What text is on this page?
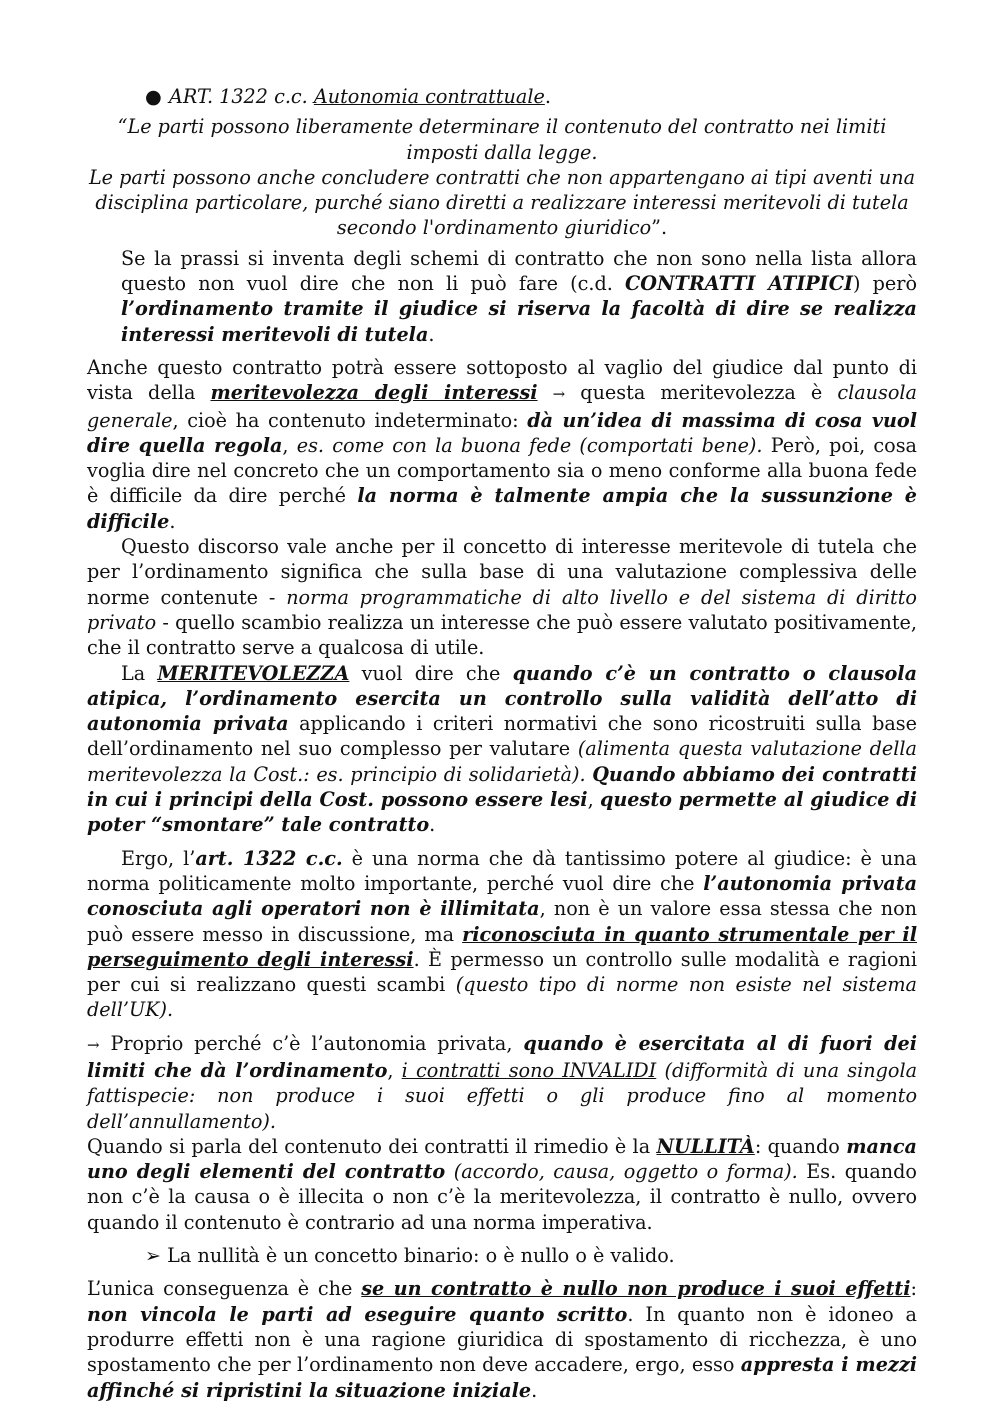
● ART. 1322 c.c. Autonomia contrattuale.

“Le parti possono liberamente determinare il contenuto del contratto nei limiti imposti dalla legge.

Le parti possono anche concludere contratti che non appartengano ai tipi aventi una disciplina particolare, purché siano diretti a realizzare interessi meritevoli di tutela secondo l'ordinamento giuridico”.

Se la prassi si inventa degli schemi di contratto che non sono nella lista allora questo non vuol dire che non li può fare (c.d. CONTRATTI ATIPICI) però l’ordinamento tramite il giudice si riserva la facoltà di dire se realizza interessi meritevoli di tutela.

Anche questo contratto potrà essere sottoposto al vaglio del giudice dal punto di vista della meritevolezza degli interessi → questa meritevolezza è clausola generale, cioè ha contenuto indeterminato: dà un’idea di massima di cosa vuol dire quella regola, es. come con la buona fede (comportati bene). Però, poi, cosa voglia dire nel concreto che un comportamento sia o meno conforme alla buona fede è difficile da dire perché la norma è talmente ampia che la sussunzione è difficile.

Questo discorso vale anche per il concetto di interesse meritevole di tutela che per l’ordinamento significa che sulla base di una valutazione complessiva delle norme contenute - norma programmatiche di alto livello e del sistema di diritto privato - quello scambio realizza un interesse che può essere valutato positivamente, che il contratto serve a qualcosa di utile.

La MERITEVOLEZZA vuol dire che quando c’è un contratto o clausola atipica, l’ordinamento esercita un controllo sulla validità dell’atto di autonomia privata applicando i criteri normativi che sono ricostruiti sulla base dell’ordinamento nel suo complesso per valutare (alimenta questa valutazione della meritevolezza la Cost.: es. principio di solidarietà). Quando abbiamo dei contratti in cui i principi della Cost. possono essere lesi, questo permette al giudice di poter “smontare” tale contratto.

Ergo, l’art. 1322 c.c. è una norma che dà tantissimo potere al giudice: è una norma politicamente molto importante, perché vuol dire che l’autonomia privata conosciuta agli operatori non è illimitata, non è un valore essa stessa che non può essere messo in discussione, ma riconosciuta in quanto strumentale per il perseguimento degli interessi. È permesso un controllo sulle modalità e ragioni per cui si realizzano questi scambi (questo tipo di norme non esiste nel sistema dell’UK).

→ Proprio perché c’è l’autonomia privata, quando è esercitata al di fuori dei limiti che dà l’ordinamento, i contratti sono INVALIDI (difformità di una singola fattispecie: non produce i suoi effetti o gli produce fino al momento dell’annullamento).

Quando si parla del contenuto dei contratti il rimedio è la NULLITÀ: quando manca uno degli elementi del contratto (accordo, causa, oggetto o forma). Es. quando non c’è la causa o è illecita o non c’è la meritevolezza, il contratto è nullo, ovvero quando il contenuto è contrario ad una norma imperativa.

➢ La nullità è un concetto binario: o è nullo o è valido.

L’unica conseguenza è che se un contratto è nullo non produce i suoi effetti: non vincola le parti ad eseguire quanto scritto. In quanto non è idoneo a produrre effetti non è una ragione giuridica di spostamento di ricchezza, è uno spostamento che per l’ordinamento non deve accadere, ergo, esso appresta i mezzi affinché si ripristini la situazione iniziale.
